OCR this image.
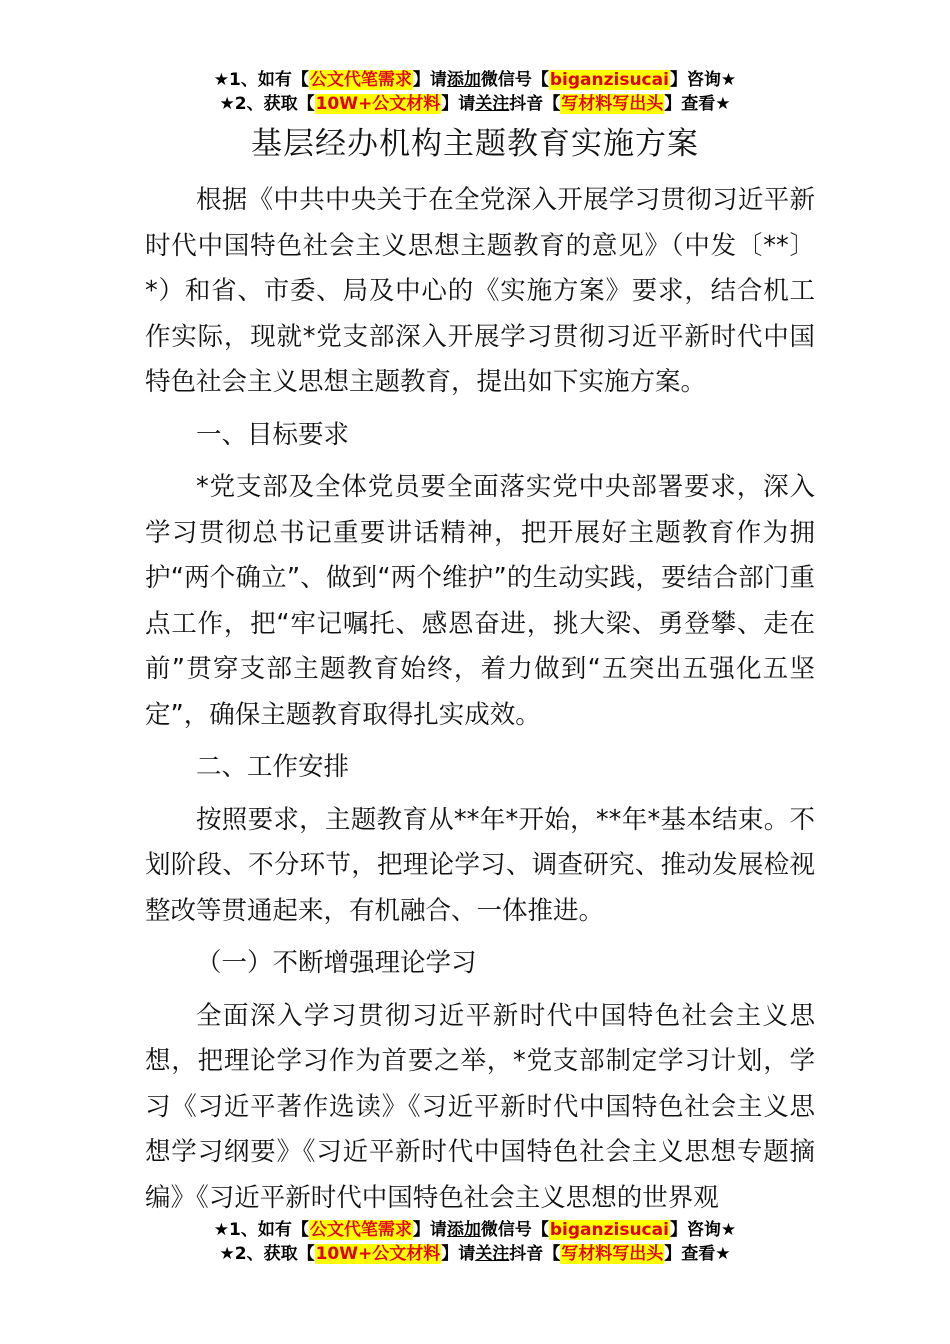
★1、如有【公文代笔需求】请添加微信号【biganzisucai】咨询★
★2、获取【10W+公文材料】请关注抖音【写材料写出头】查看★
基层经办机构主题教育实施方案

根据《中共中央关于在全党深入开展学习贯彻习近平新时代中国特色社会主义思想主题教育的意见》（中发〔**〕*）和省、市委、局及中心的《实施方案》要求，结合机工作实际，现就*党支部深入开展学习贯彻习近平新时代中国特色社会主义思想主题教育，提出如下实施方案。

一、目标要求

*党支部及全体党员要全面落实党中央部署要求，深入学习贯彻总书记重要讲话精神，把开展好主题教育作为拥护“两个确立”、做到“两个维护”的生动实践，要结合部门重点工作，把“牢记嘱托、感恩奋进，挑大梁、勇登攀、走在前”贯穿支部主题教育始终，着力做到“五突出五强化五坚定”，确保主题教育取得扎实成效。

二、工作安排

按照要求，主题教育从**年*开始，**年*基本结束。不划阶段、不分环节，把理论学习、调查研究、推动发展检视整改等贯通起来，有机融合、一体推进。

（一）不断增强理论学习

全面深入学习贯彻习近平新时代中国特色社会主义思想，把理论学习作为首要之举，*党支部制定学习计划，学习《习近平著作选读》《习近平新时代中国特色社会主义思想学习纲要》《习近平新时代中国特色社会主义思想专题摘编》《习近平新时代中国特色社会主义思想的世界观

★1、如有【公文代笔需求】请添加微信号【biganzisucai】咨询★
★2、获取【10W+公文材料】请关注抖音【写材料写出头】查看★
